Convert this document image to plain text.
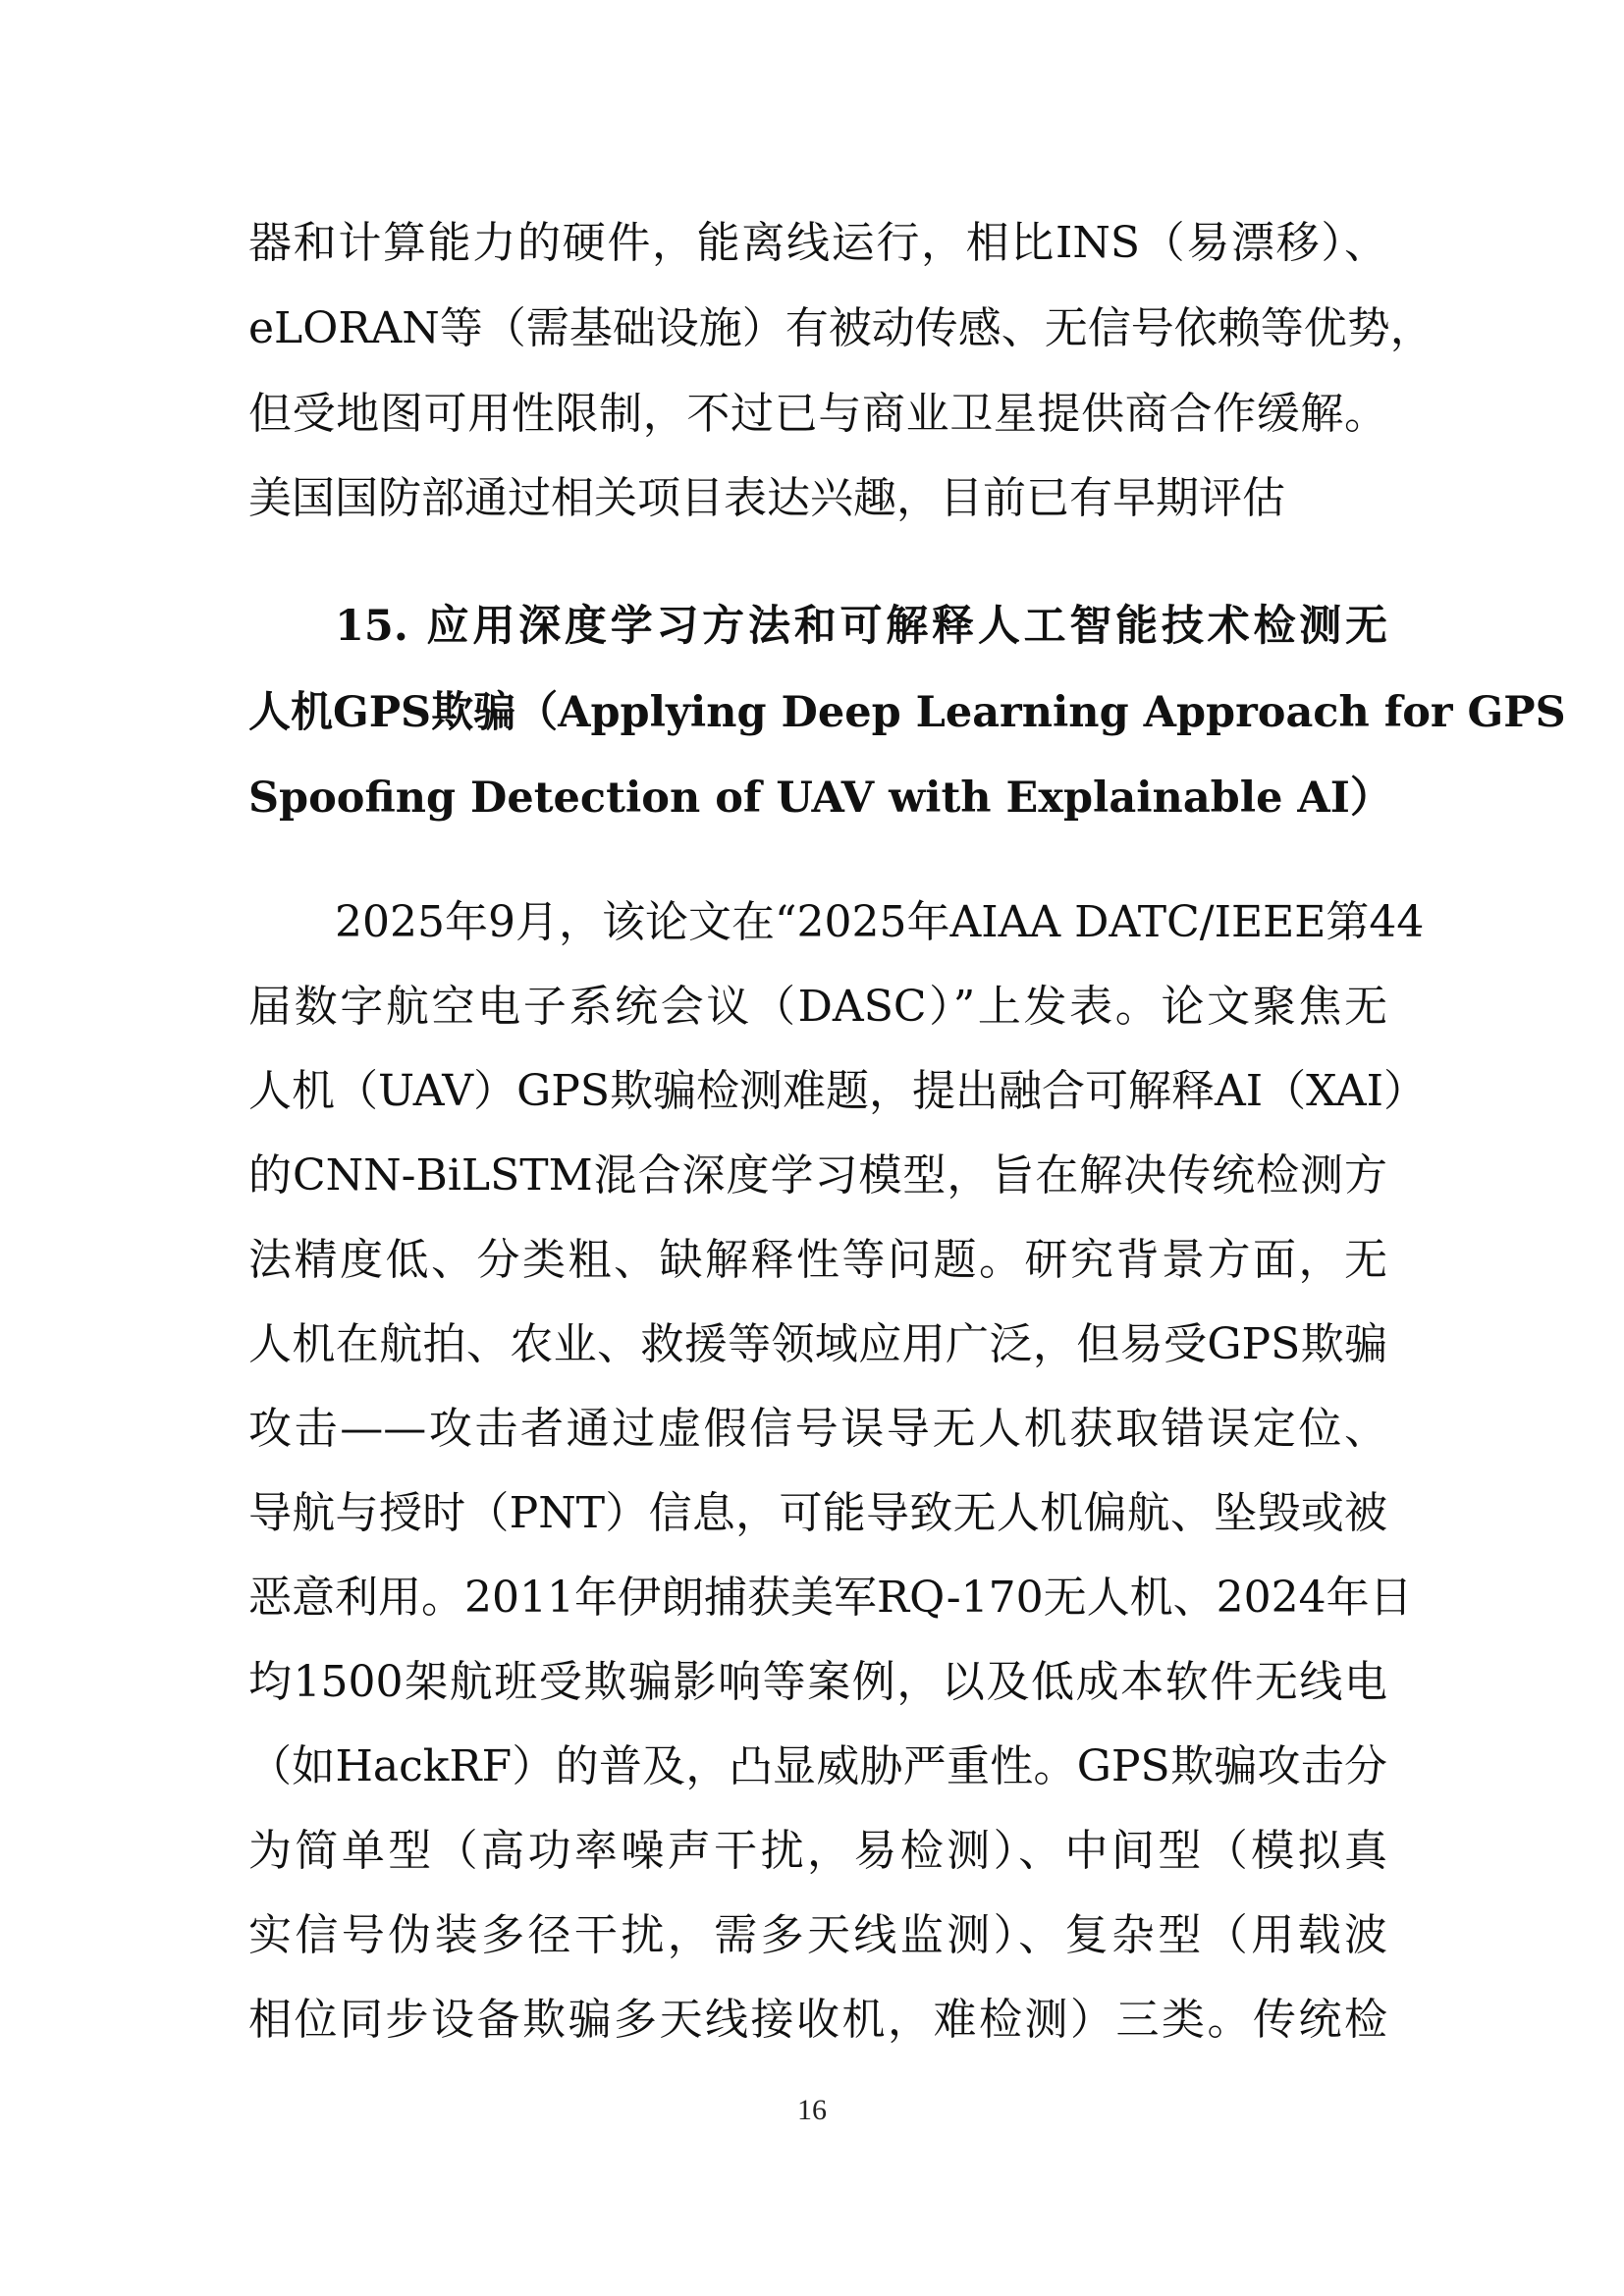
器和计算能力的硬件，能离线运行，相比INS（易漂移）、
eLORAN等（需基础设施）有被动传感、无信号依赖等优势，
但受地图可用性限制，不过已与商业卫星提供商合作缓解。
美国国防部通过相关项目表达兴趣，目前已有早期评估
15. 应用深度学习方法和可解释人工智能技术检测无
人机GPS欺骗（Applying Deep Learning Approach for GPS
Spoofing Detection of UAV with Explainable AI）
2025年9月，该论文在“2025年AIAA DATC/IEEE第44
届数字航空电子系统会议（DASC）”上发表。论文聚焦无
人机（UAV）GPS欺骗检测难题，提出融合可解释AI（XAI）
的CNN-BiLSTM混合深度学习模型，旨在解决传统检测方
法精度低、分类粗、缺解释性等问题。研究背景方面，无
人机在航拍、农业、救援等领域应用广泛，但易受GPS欺骗
攻击——攻击者通过虚假信号误导无人机获取错误定位、
导航与授时（PNT）信息，可能导致无人机偏航、坠毁或被
恶意利用。2011年伊朗捕获美军RQ-170无人机、2024年日
均1500架航班受欺骗影响等案例，以及低成本软件无线电
（如HackRF）的普及，凸显威胁严重性。GPS欺骗攻击分
为简单型（高功率噪声干扰，易检测）、中间型（模拟真
实信号伪装多径干扰，需多天线监测）、复杂型（用载波
相位同步设备欺骗多天线接收机，难检测）三类。传统检
16
